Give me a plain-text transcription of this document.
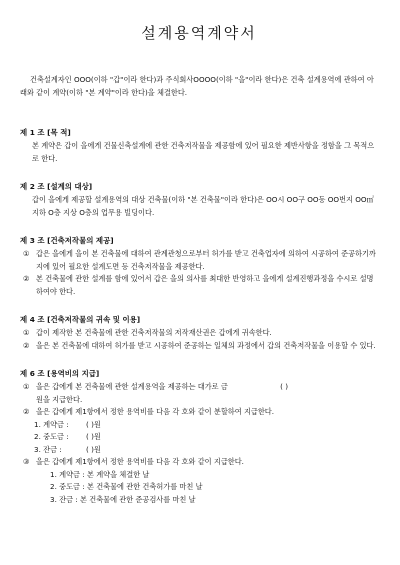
설계용역계약서

건축설계자인 OOO(이하 "갑"이라 한다)과 주식회사OOOO(이하 "을"이라 한다)은 건축 설계용역에 관하여 아래와 같이 계약(이하 "본 계약"이라 한다)을 체결한다.

제 1 조 [목 적]
본 계약은 갑이 을에게 건물신축설계에 관한 건축저작물을 제공함에 있어 필요한 제반사항을 정함을 그 목적으로 한다.
제 2 조 [설계의 대상]
갑이 을에게 제공할 설계용역의 대상 건축물(이하 "본 건축물"이라 한다)은 OO시 OO구 OO동 OO번지 OO㎡ 지하 O층 지상 O층의 업무용 빌딩이다.
제 3 조 [건축저작물의 제공]
① 갑은 을에게 을이 본 건축물에 대하여 관계관청으로부터 허가를 받고 건축업자에 의하여 시공하여 준공하기까지에 있어 필요한 설계도면 등 건축저작물을 제공한다.
② 본 건축물에 관한 설계를 함에 있어서 갑은 을의 의사를 최대한 반영하고 을에게 설계진행과정을 수시로 설명하여야 한다.
제 4 조 [건축저작물의 귀속 및 이용]
① 갑이 제작한 본 건축물에 관한 건축저작물의 저작재산권은 갑에게 귀속한다.
② 을은 본 건축물에 대하여 허가를 받고 시공하여 준공하는 일체의 과정에서 갑의 건축저작물을 이용할 수 있다.
제 6 조 [용역비의 지급]
① 을은 갑에게 본 건축물에 관한 설계용역을 제공하는 대가로 금	( )
원을 지급한다.
② 을은 갑에게 제1항에서 정한 용역비를 다음 각 호와 같이 분할하여 지급한다.
1. 계약금 :	( )원
2. 중도금 :	( )원
3. 잔금 :	( )원
③ 을은 갑에게 제1항에서 정한 용역비를 다음 각 호와 같이 지급한다.
1. 계약금 : 본 계약을 체결한 날
2. 중도금 : 본 건축물에 관한 건축허가를 마친 날
3. 잔금 : 본 건축물에 관한 준공검사를 마친 날
